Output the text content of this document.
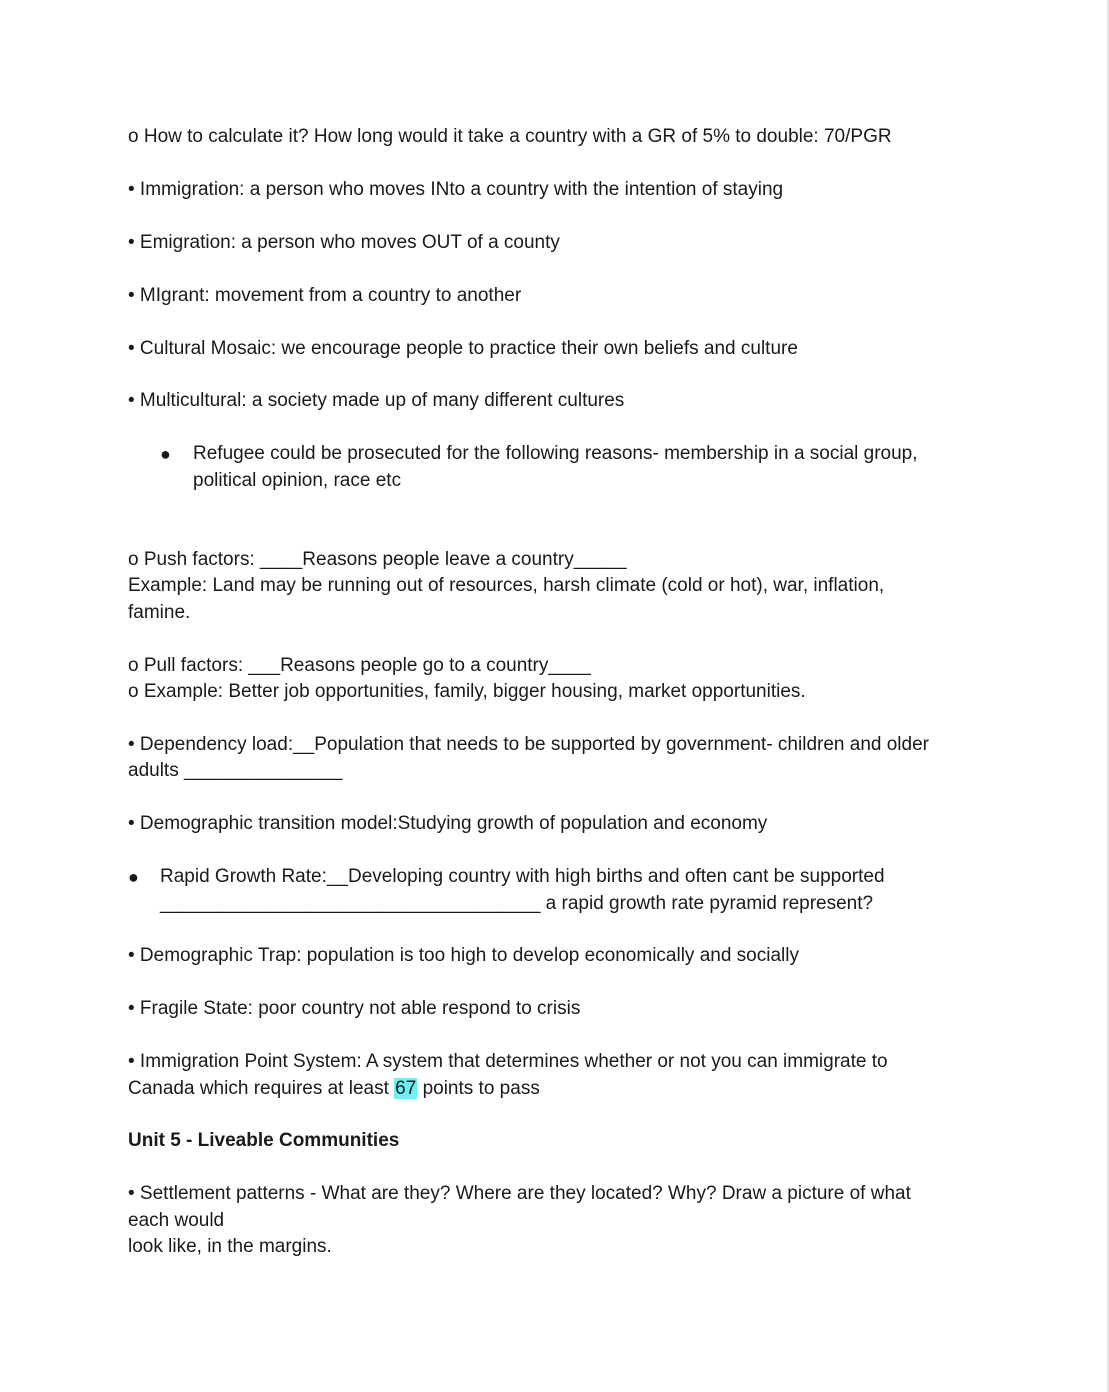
o How to calculate it? How long would it take a country with a GR of 5% to double: 70/PGR
• Immigration: a person who moves INto a country with the intention of staying
• Emigration: a person who moves OUT of a county
• MIgrant: movement from a country to another
• Cultural Mosaic: we encourage people to practice their own beliefs and culture
• Multicultural: a society made up of many different cultures
● Refugee could be prosecuted for the following reasons- membership in a social group,
political opinion, race etc
o Push factors: ____Reasons people leave a country_____
Example: Land may be running out of resources, harsh climate (cold or hot), war, inflation,
famine.
o Pull factors: ___Reasons people go to a country____
o Example: Better job opportunities, family, bigger housing, market opportunities.
• Dependency load:__Population that needs to be supported by government- children and older
adults _______________
• Demographic transition model:Studying growth of population and economy
● Rapid Growth Rate:__Developing country with high births and often cant be supported
____________________________________ a rapid growth rate pyramid represent?
• Demographic Trap: population is too high to develop economically and socially
• Fragile State: poor country not able respond to crisis
• Immigration Point System: A system that determines whether or not you can immigrate to
Canada which requires at least 67 points to pass
Unit 5 - Liveable Communities
• Settlement patterns - What are they? Where are they located? Why? Draw a picture of what
each would
look like, in the margins.
